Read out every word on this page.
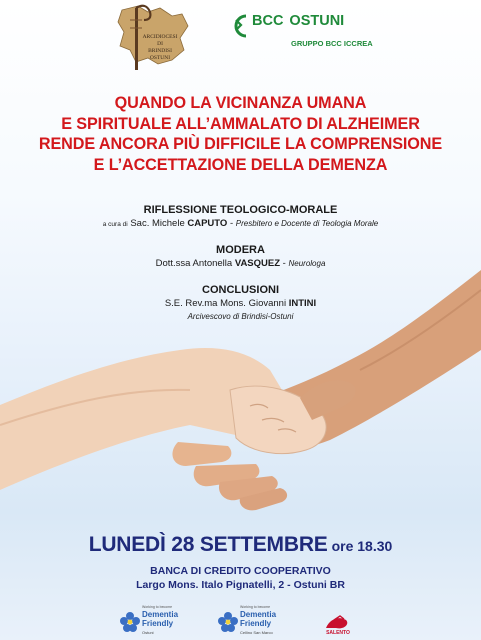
ARCIDIOCESI
DI
BRINDISI
OSTUNI
BCC OSTUNI
GRUPPO BCC ICCREA
QUANDO LA VICINANZA UMANA
E SPIRITUALE ALL’AMMALATO DI ALZHEIMER
RENDE ANCORA PIÙ DIFFICILE LA COMPRENSIONE
E L’ACCETTAZIONE DELLA DEMENZA
RIFLESSIONE TEOLOGICO-MORALE
a cura di Sac. Michele CAPUTO - Presbitero e Docente di Teologia Morale
MODERA
Dott.ssa Antonella VASQUEZ - Neurologa
CONCLUSIONI
S.E. Rev.ma Mons. Giovanni INTINI
Arcivescovo di Brindisi-Ostuni
LUNEDÌ 28 SETTEMBRE ore 18.30
BANCA DI CREDITO COOPERATIVO
Largo Mons. Italo Pignatelli, 2 - Ostuni BR
Working to become
Dementia
Friendly
Ostuni
Working to become
Dementia
Friendly
Cellino San Marco	SALENTO
